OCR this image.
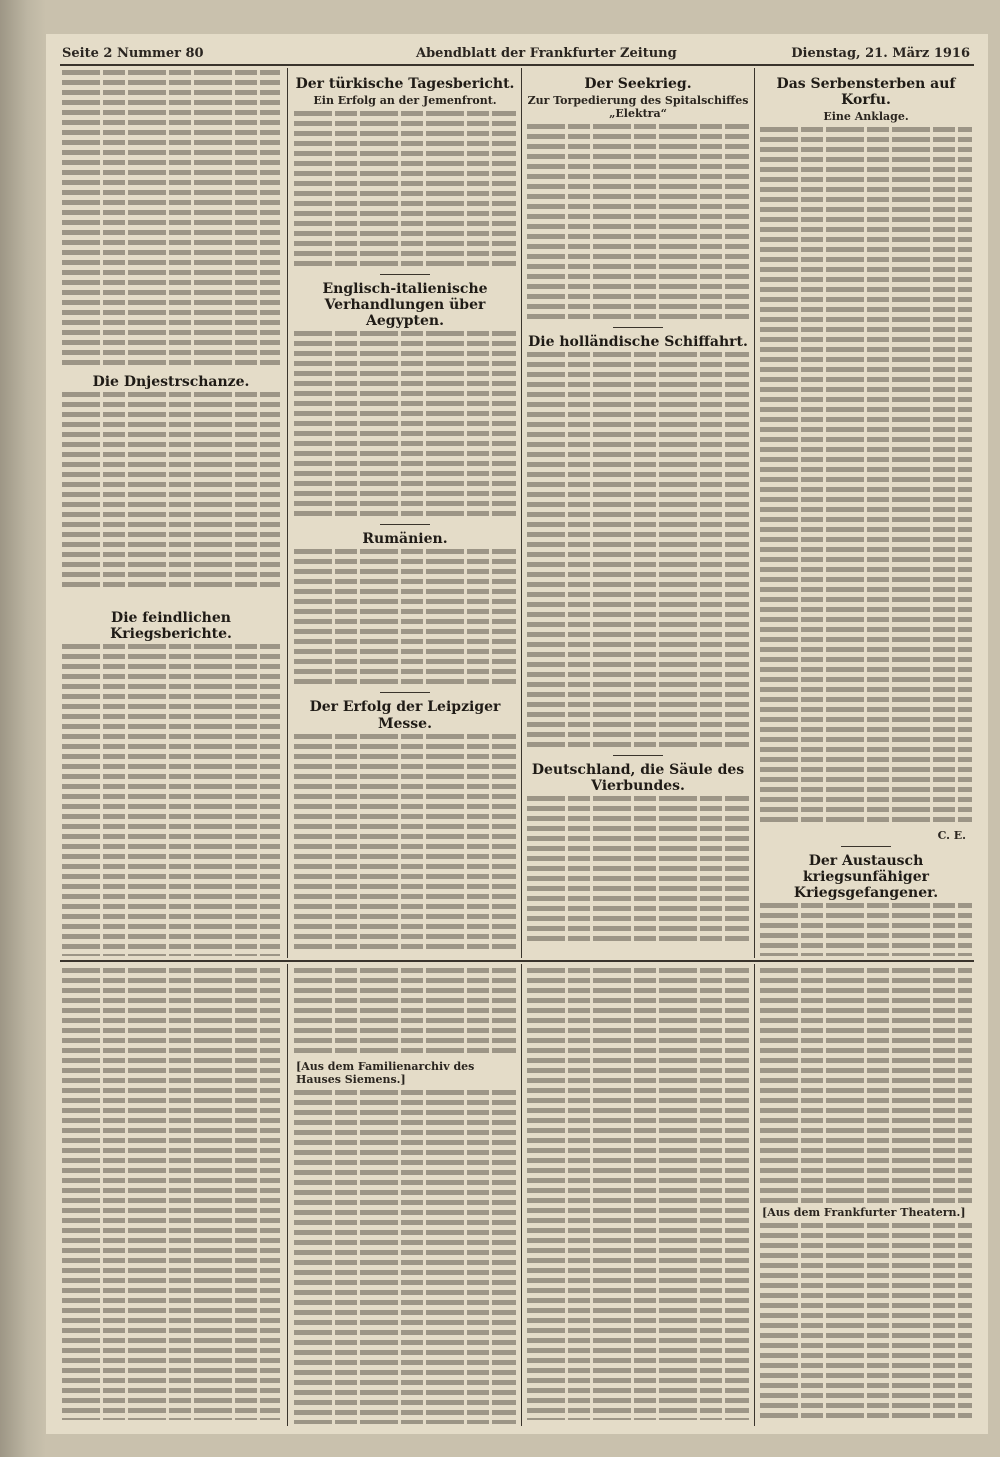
Seite 2 Nummer 80	Abendblatt der Frankfurter Zeitung	Dienstag, 21. März 1916
Die Dnjestrschanze.
Die feindlichen Kriegsberichte.
Der türkische Tagesbericht.
Ein Erfolg an der Jemenfront.
Englisch-italienische Verhandlungen über Aegypten.
Rumänien.
Der Erfolg der Leipziger Messe.
Der Seekrieg.
Zur Torpedierung des Spitalschiffes „Elektra“
Die holländische Schiffahrt.
Deutschland, die Säule des Vierbundes.
Das Serbensterben auf Korfu.
Eine Anklage.
C. E.
Der Austausch kriegsunfähiger Kriegsgefangener.
[Aus dem Familienarchiv des Hauses Siemens.]
[Aus dem Frankfurter Theatern.]
